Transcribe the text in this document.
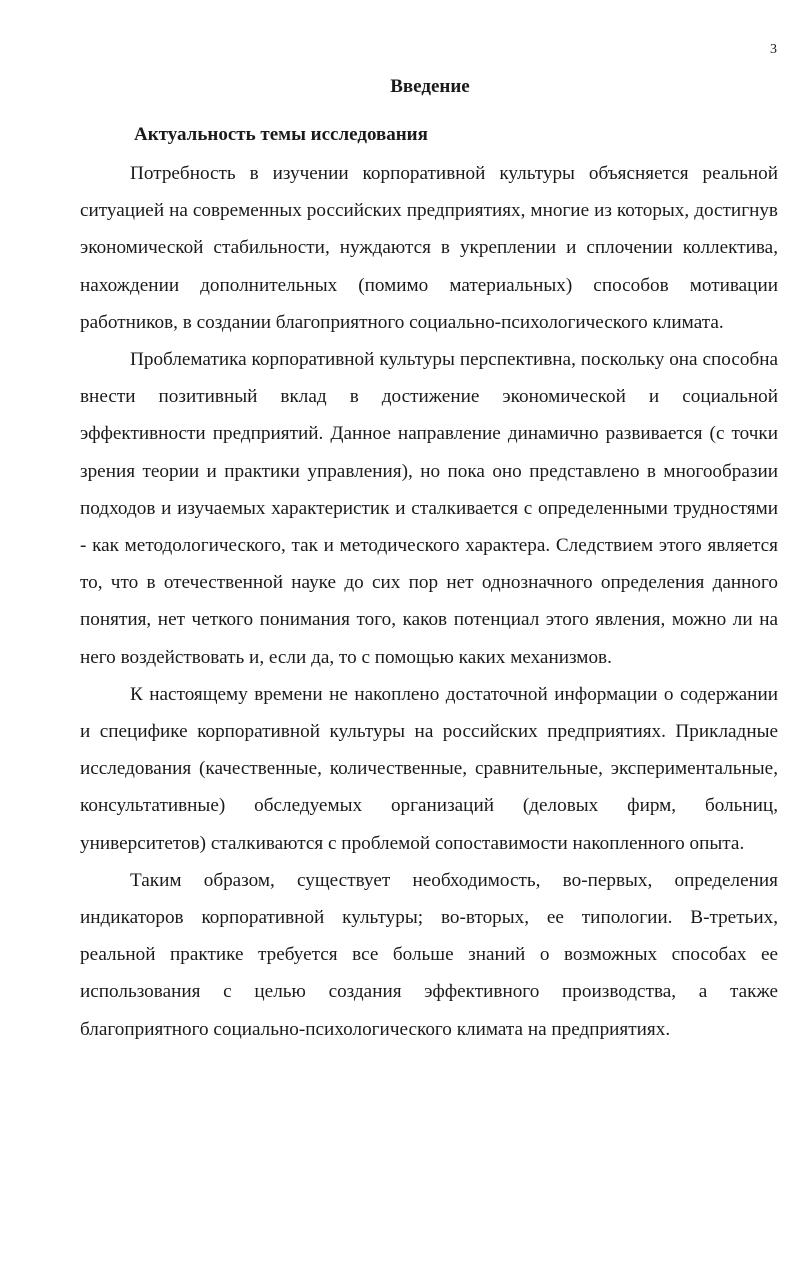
3
Введение
Актуальность темы исследования

Потребность в изучении корпоративной культуры объясняется реальной ситуацией на современных российских предприятиях, многие из которых, достигнув экономической стабильности, нуждаются в укреплении и сплочении коллектива, нахождении дополнительных (помимо материальных) способов мотивации работников, в создании благоприятного социально-психологического климата.

Проблематика корпоративной культуры перспективна, поскольку она способна внести позитивный вклад в достижение экономической и социальной эффективности предприятий. Данное направление динамично развивается (с точки зрения теории и практики управления), но пока оно представлено в многообразии подходов и изучаемых характеристик и сталкивается с определенными трудностями - как методологического, так и методического характера. Следствием этого является то, что в отечественной науке до сих пор нет однозначного определения данного понятия, нет четкого понимания того, каков потенциал этого явления, можно ли на него воздействовать и, если да, то с помощью каких механизмов.

К настоящему времени не накоплено достаточной информации о содержании и специфике корпоративной культуры на российских предприятиях. Прикладные исследования (качественные, количественные, сравнительные, экспериментальные, консультативные) обследуемых организаций (деловых фирм, больниц, университетов) сталкиваются с проблемой сопоставимости накопленного опыта.

Таким образом, существует необходимость, во-первых, определения индикаторов корпоративной культуры; во-вторых, ее типологии. В-третьих, реальной практике требуется все больше знаний о возможных способах ее использования с целью создания эффективного производства, а также благоприятного социально-психологического климата на предприятиях.
